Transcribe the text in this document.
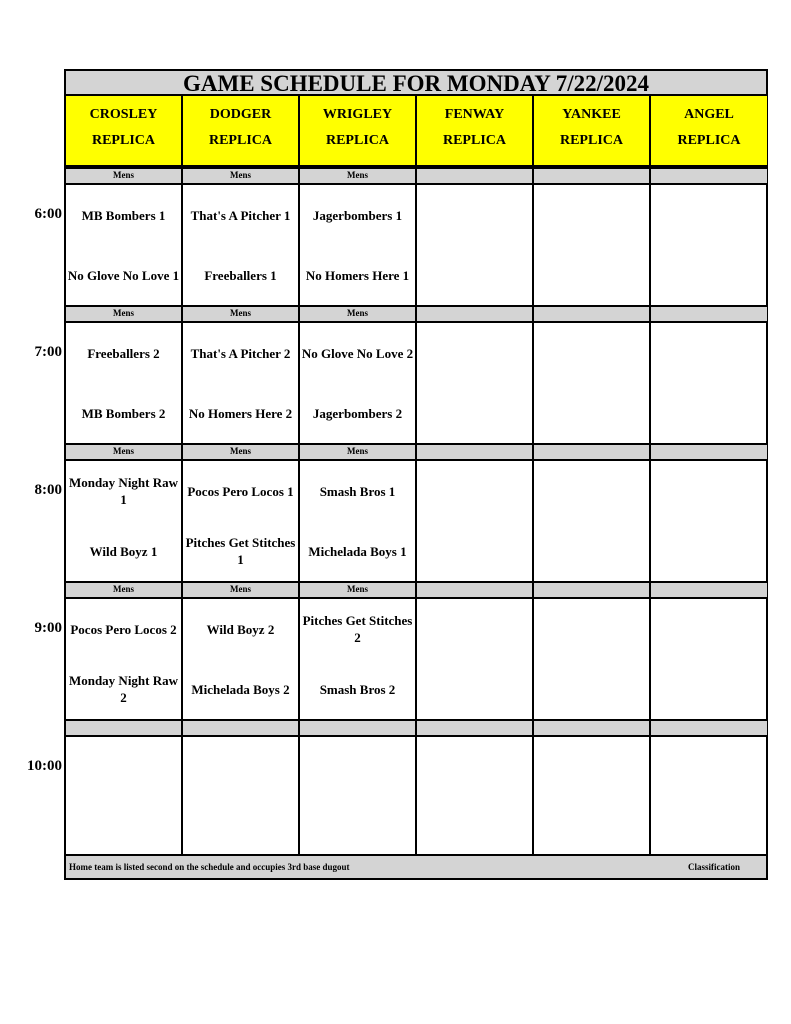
6:00
7:00
8:00
9:00
10:00
GAME SCHEDULE FOR MONDAY 7/22/2024
CROSLEY
REPLICA
DODGER
REPLICA
WRIGLEY
REPLICA
FENWAY
REPLICA
YANKEE
REPLICA
ANGEL
REPLICA
Mens
MB Bombers 1
No Glove No Love 1
Mens
That's A Pitcher 1
Freeballers 1
Mens
Jagerbombers 1
No Homers Here 1
Mens
Freeballers 2
MB Bombers 2
Mens
That's A Pitcher 2
No Homers Here 2
Mens
No Glove No Love 2
Jagerbombers 2
Mens
Monday Night Raw 1
Wild Boyz 1
Mens
Pocos Pero Locos 1
Pitches Get Stitches 1
Mens
Smash Bros 1
Michelada Boys 1
Mens
Pocos Pero Locos 2
Monday Night Raw 2
Mens
Wild Boyz 2
Michelada Boys 2
Mens
Pitches Get Stitches 2
Smash Bros 2
Home team is listed second on the schedule and occupies 3rd base dugout	Classification
